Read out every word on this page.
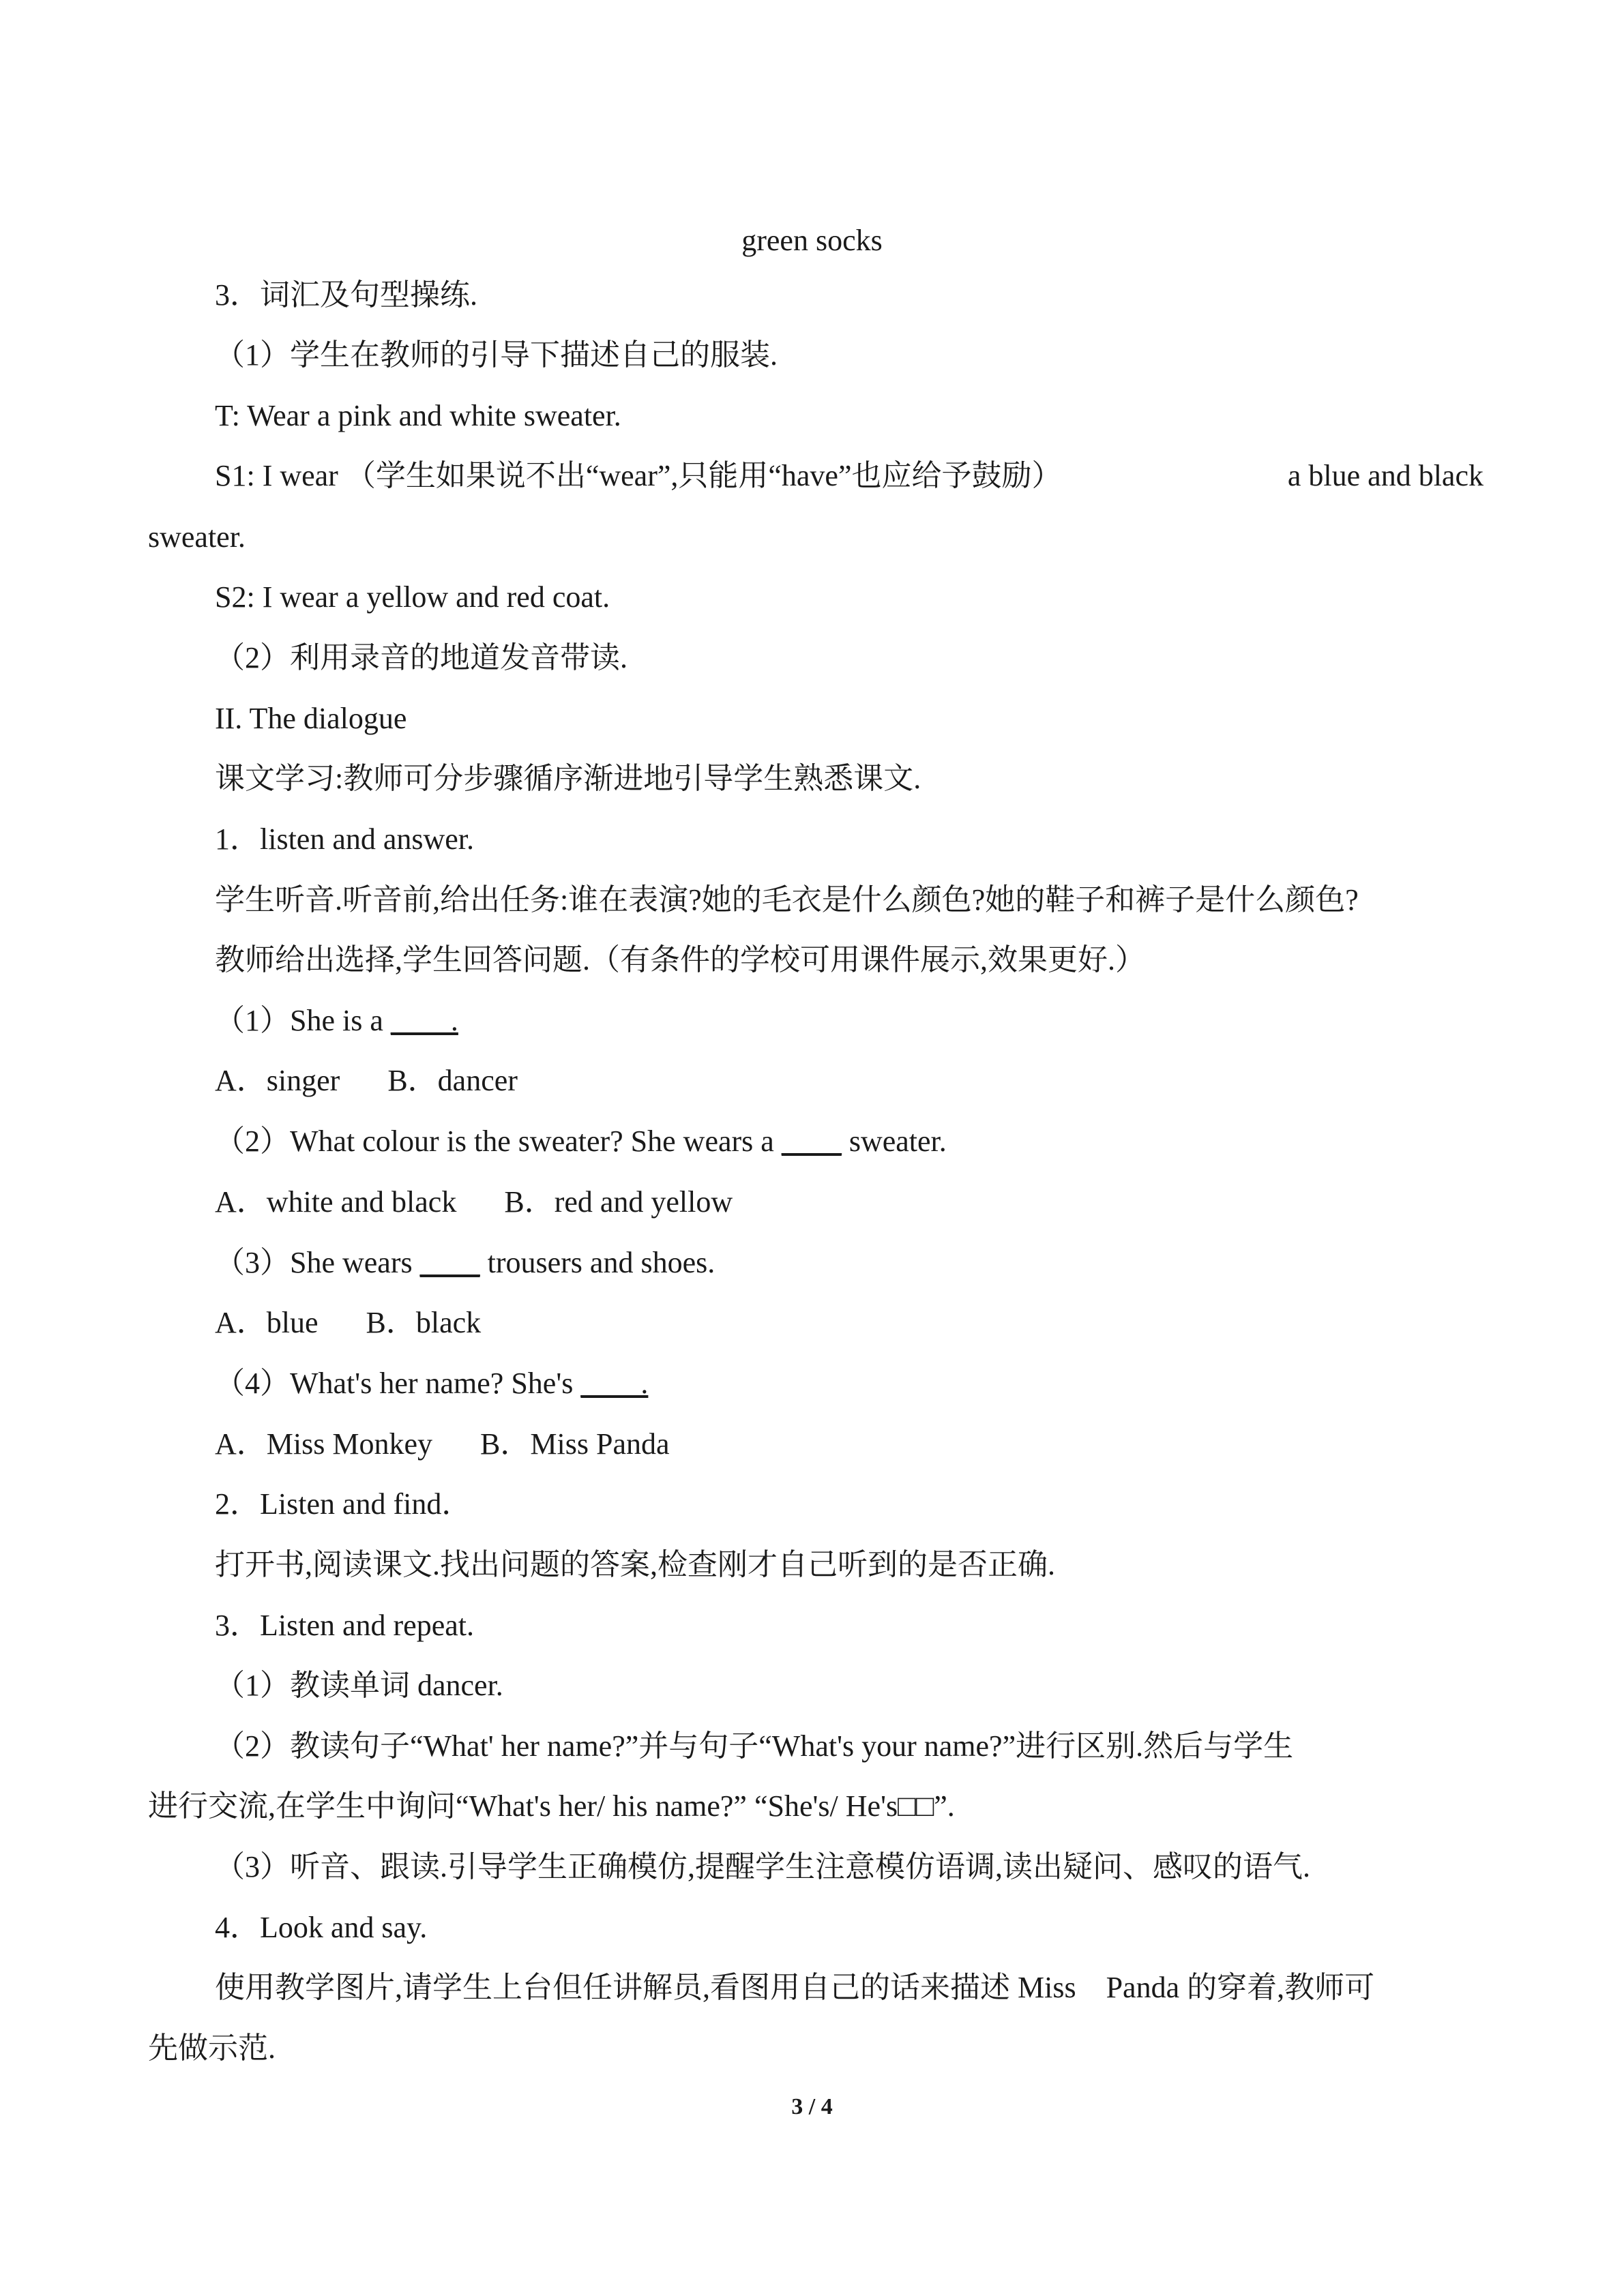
green socks
3．词汇及句型操练.
（1）学生在教师的引导下描述自己的服装.
T: Wear a pink and white sweater.
S1: I wear （学生如果说不出“wear”,只能用“have”也应给予鼓励）	a blue and black
sweater.
S2: I wear a yellow and red coat.
（2）利用录音的地道发音带读.
II. The dialogue
课文学习:教师可分步骤循序渐进地引导学生熟悉课文.
1．listen and answer.
学生听音.听音前,给出任务:谁在表演?她的毛衣是什么颜色?她的鞋子和裤子是什么颜色?
教师给出选择,学生回答问题.（有条件的学校可用课件展示,效果更好.）
（1）She is a ____.
A．singer B．dancer
（2）What colour is the sweater? She wears a ____ sweater.
A．white and black B．red and yellow
（3）She wears ____ trousers and shoes.
A．blue B．black
（4）What's her name? She's ____.
A．Miss Monkey B．Miss Panda
2．Listen and find．
打开书,阅读课文.找出问题的答案,检查刚才自己听到的是否正确.
3．Listen and repeat.
（1）教读单词 dancer.
（2）教读句子“What' her name?”并与句子“What's your name?”进行区别.然后与学生
进行交流,在学生中询问“What's her/ his name?” “She's/ He's□□”.
（3）听音、跟读.引导学生正确模仿,提醒学生注意模仿语调,读出疑问、感叹的语气.
4．Look and say.
使用教学图片,请学生上台但任讲解员,看图用自己的话来描述 Miss　Panda 的穿着,教师可
先做示范.
3 / 4
